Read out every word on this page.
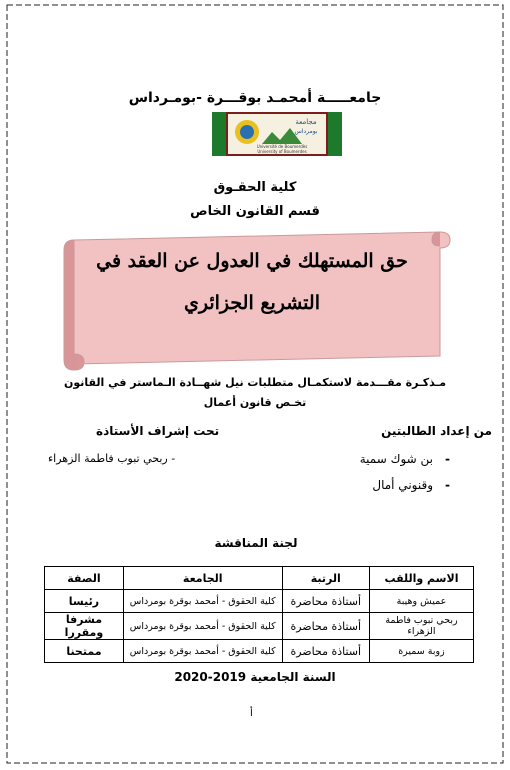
جامعـــــة أمحمـد بوقـــرة -بومـرداس
مجامعة
بومرداس
Université de Boumerdès
University of Boumerdes
كلية الحقـوق
قسم القانون الخاص
حق المستهلك في العدول عن العقد في
التشريع الجزائري
مـذكـرة مقـــدمة لاستكمـال متطلبات نيل شهــادة الـماستر في القانون
تخـص قانون أعمال
من إعداد الطالبتين
تحت إشراف الأستاذة
-بن شوك سمية
-وقنوني أمال
- ربحي تبوب فاطمة الزهراء
لجنة المناقشة
الاسم واللقب	الرتبة	الجامعة	الصفة
عميش وهيبة	أستاذة محاضرة	كلية الحقوق - أمحمد بوقرة بومرداس	رئيسا
ربحي تبوب فاطمة الزهراء	أستاذة محاضرة	كلية الحقوق - أمحمد بوقرة بومرداس	مشرفا ومقررا
زوبة سميرة	أستاذة محاضرة	كلية الحقوق - أمحمد بوقرة بومرداس	ممتحنا
السنة الجامعية 2019-2020
أ
